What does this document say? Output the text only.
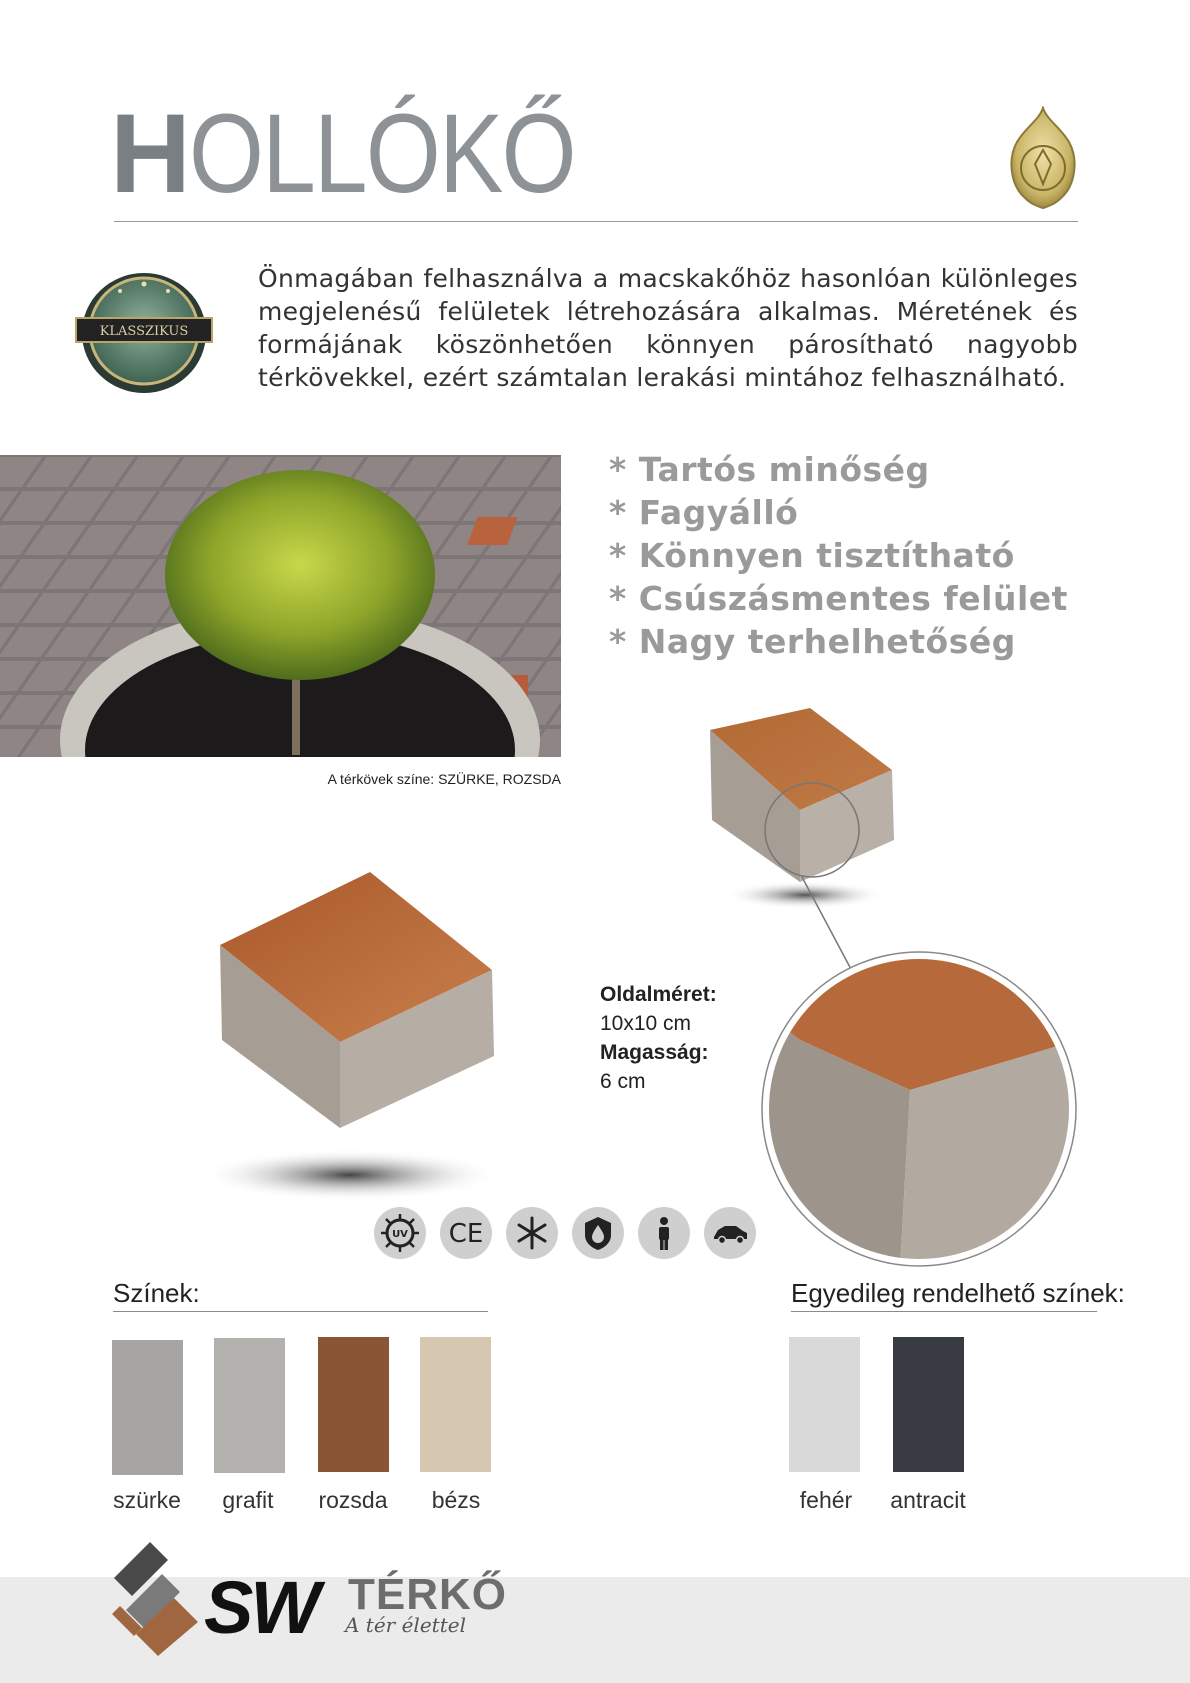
HOLLÓKŐ
KLASSZIKUS
Önmagában felhasználva a macskakőhöz hasonlóan különleges megjelenésű felületek létrehozására alkalmas. Méretének és formájának köszönhetően könnyen párosítható nagyobb térkövekkel, ezért számtalan lerakási mintához felhasználható.
A térkövek színe: SZÜRKE, ROZSDA
* Tartós minőség
* Fagyálló
* Könnyen tisztítható
* Csúszásmentes felület
* Nagy terhelhetőség
Oldalméret:
10x10 cm
Magasság:
6 cm
UV CE
Színek:
szürke	grafit	rozsda	bézs
Egyedileg rendelhető színek:
fehér	antracit
SW TÉRKŐ
A tér élettel
